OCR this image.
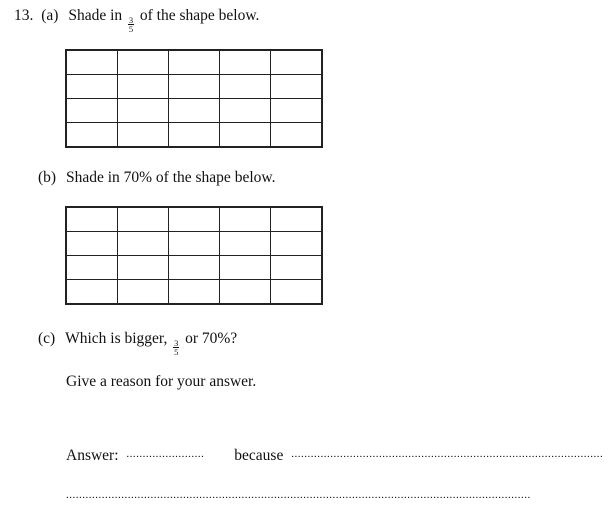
13. (a) Shade in
$\frac{3}{5}$
of the shape below.

(b) Shade in 70% of the shape below.

(c) Which is bigger,
$\frac{3}{5}$
or 70%?
Give a reason for your answer.
Answer: ........................ because ................................................................................................
...............................................................................................................................................
